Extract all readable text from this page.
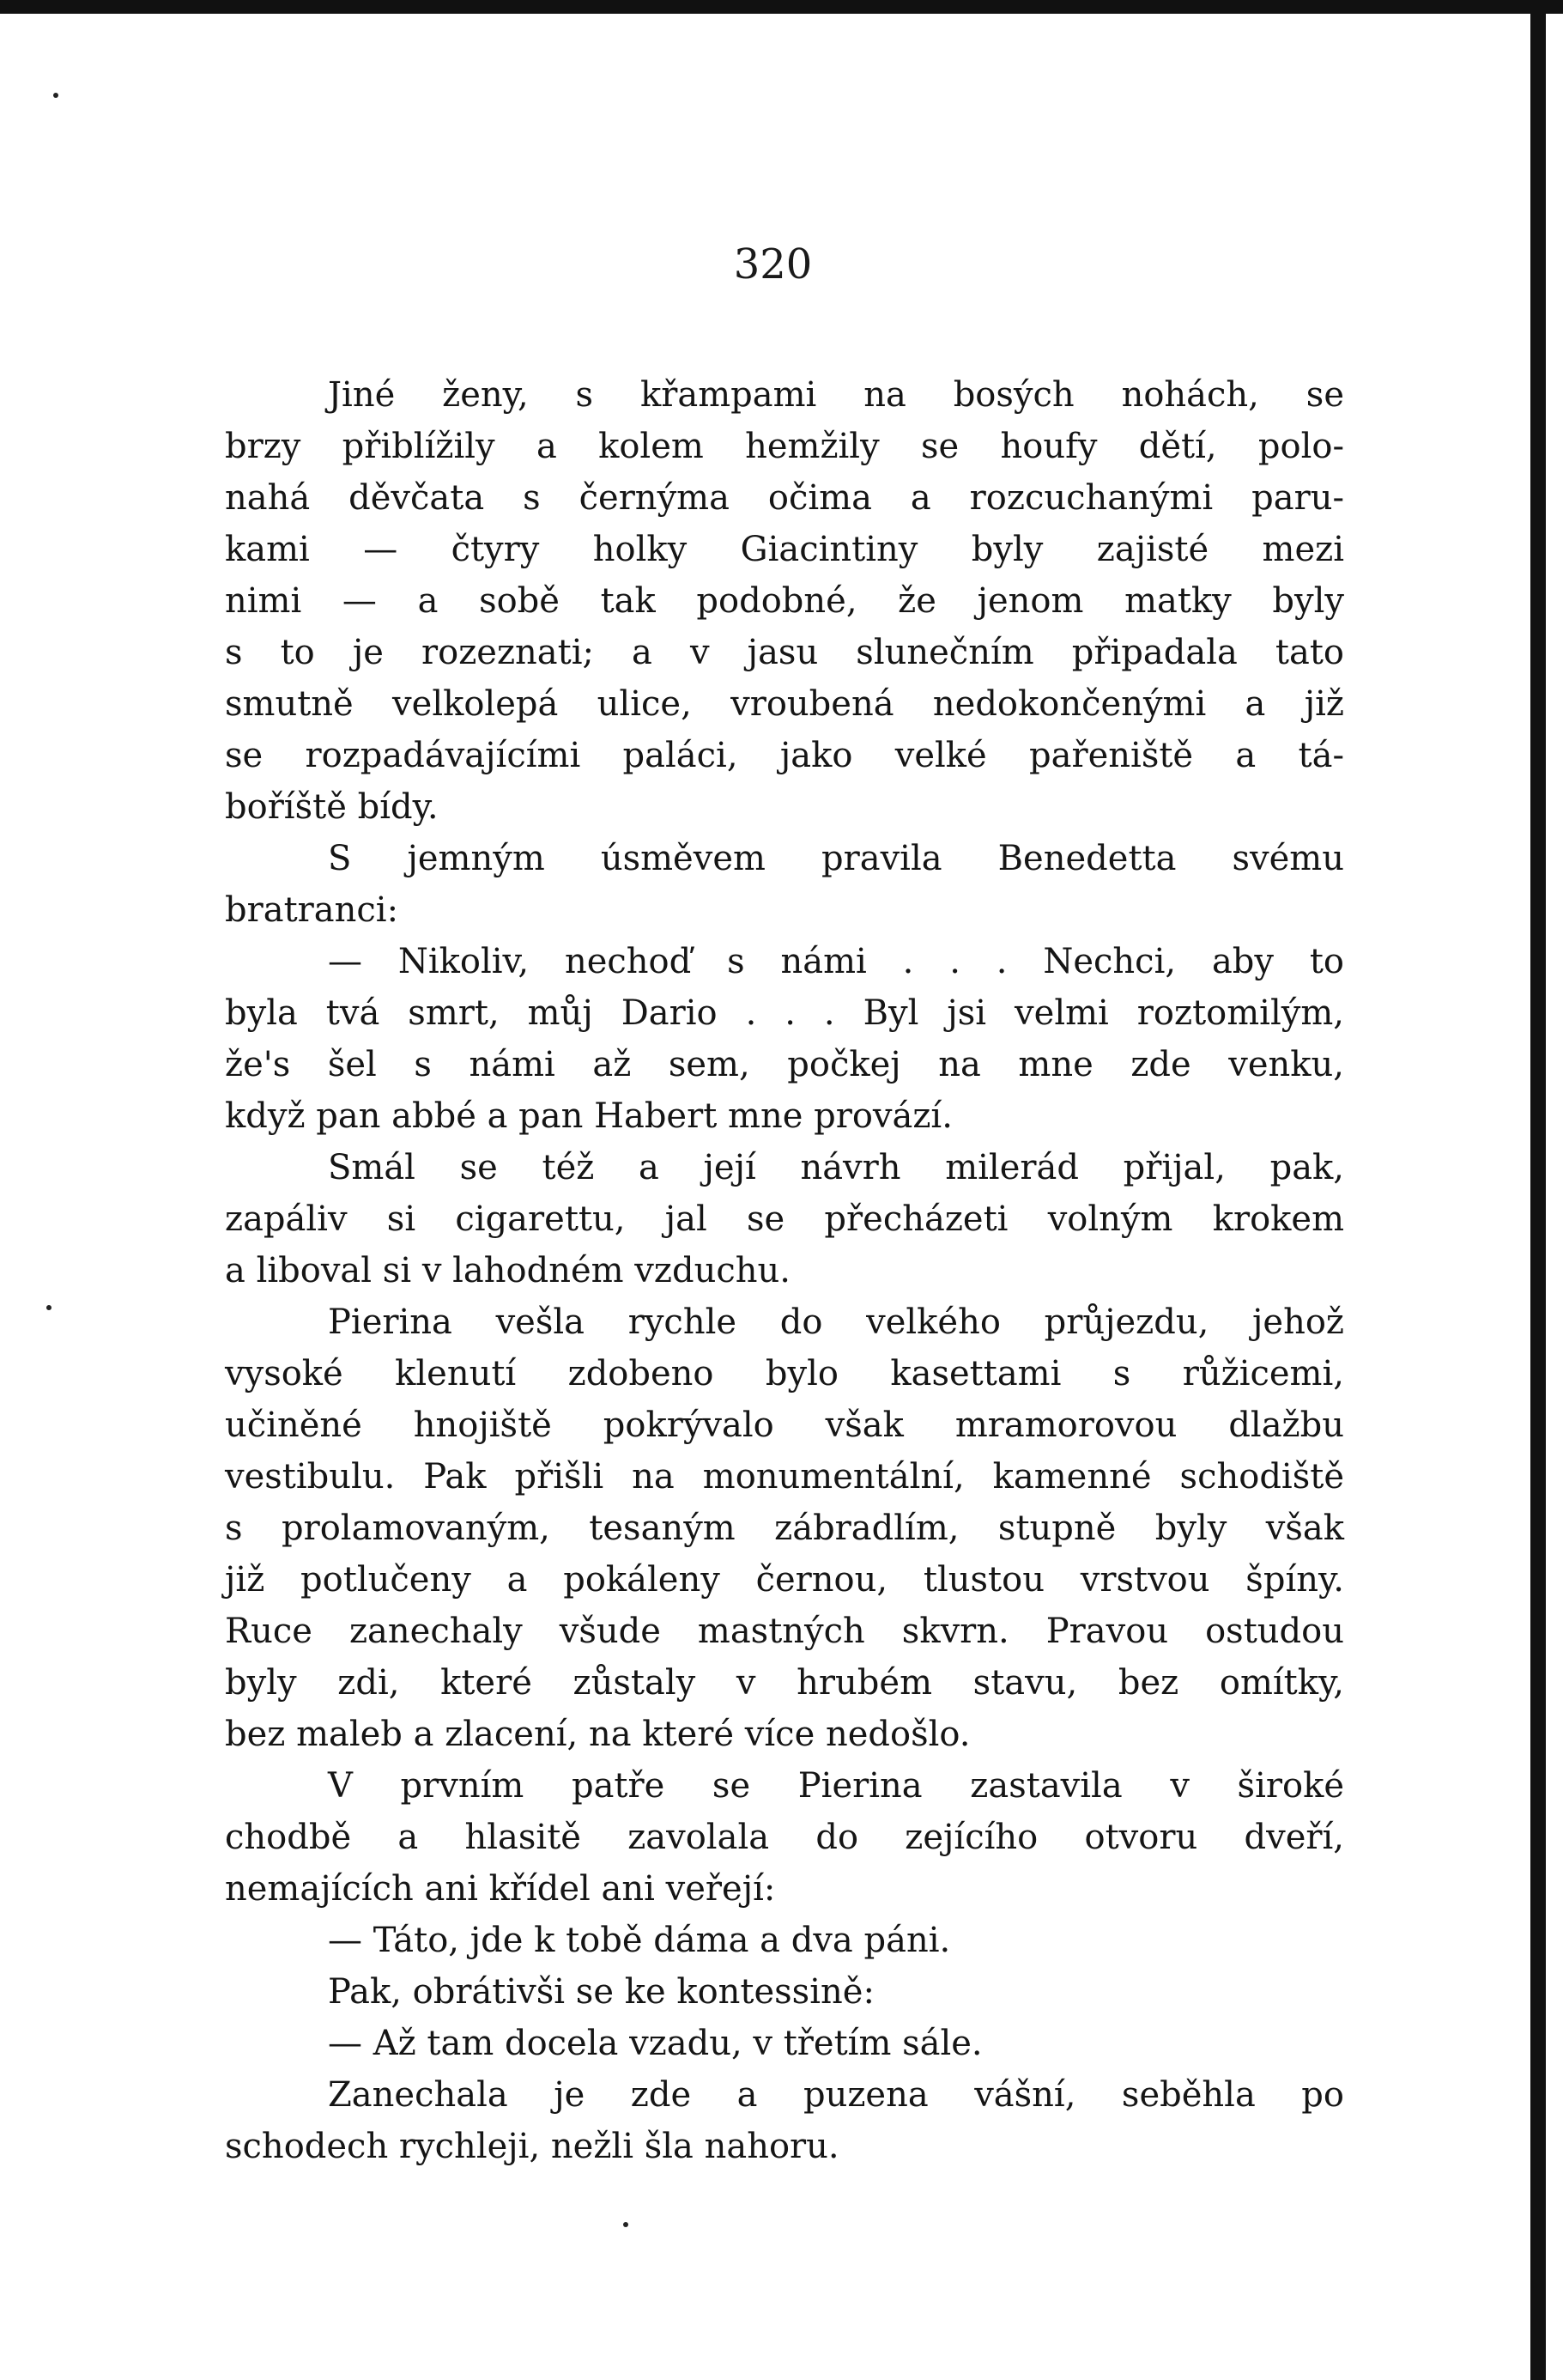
320
Jiné ženy, s křampami na bosých nohách, se
brzy přiblížily a kolem hemžily se houfy dětí, polo-
nahá děvčata s černýma očima a rozcuchanými paru-
kami — čtyry holky Giacintiny byly zajisté mezi
nimi — a sobě tak podobné, že jenom matky byly
s to je rozeznati; a v jasu slunečním připadala tato
smutně velkolepá ulice, vroubená nedokončenými a již
se rozpadávajícími paláci, jako velké pařeniště a tá-
boříště bídy.
S jemným úsměvem pravila Benedetta svému
bratranci:
— Nikoliv, nechoď s námi . . . Nechci, aby to
byla tvá smrt, můj Dario . . . Byl jsi velmi roztomilým,
že's šel s námi až sem, počkej na mne zde venku,
když pan abbé a pan Habert mne provází.
Smál se též a její návrh milerád přijal, pak,
zapáliv si cigarettu, jal se přecházeti volným krokem
a liboval si v lahodném vzduchu.
Pierina vešla rychle do velkého průjezdu, jehož
vysoké klenutí zdobeno bylo kasettami s růžicemi,
učiněné hnojiště pokrývalo však mramorovou dlažbu
vestibulu. Pak přišli na monumentální, kamenné schodiště
s prolamovaným, tesaným zábradlím, stupně byly však
již potlučeny a pokáleny černou, tlustou vrstvou špíny.
Ruce zanechaly všude mastných skvrn. Pravou ostudou
byly zdi, které zůstaly v hrubém stavu, bez omítky,
bez maleb a zlacení, na které více nedošlo.
V prvním patře se Pierina zastavila v široké
chodbě a hlasitě zavolala do zejícího otvoru dveří,
nemajících ani křídel ani veřejí:
— Táto, jde k tobě dáma a dva páni.
Pak, obrátivši se ke kontessině:
— Až tam docela vzadu, v třetím sále.
Zanechala je zde a puzena vášní, seběhla po
schodech rychleji, nežli šla nahoru.
